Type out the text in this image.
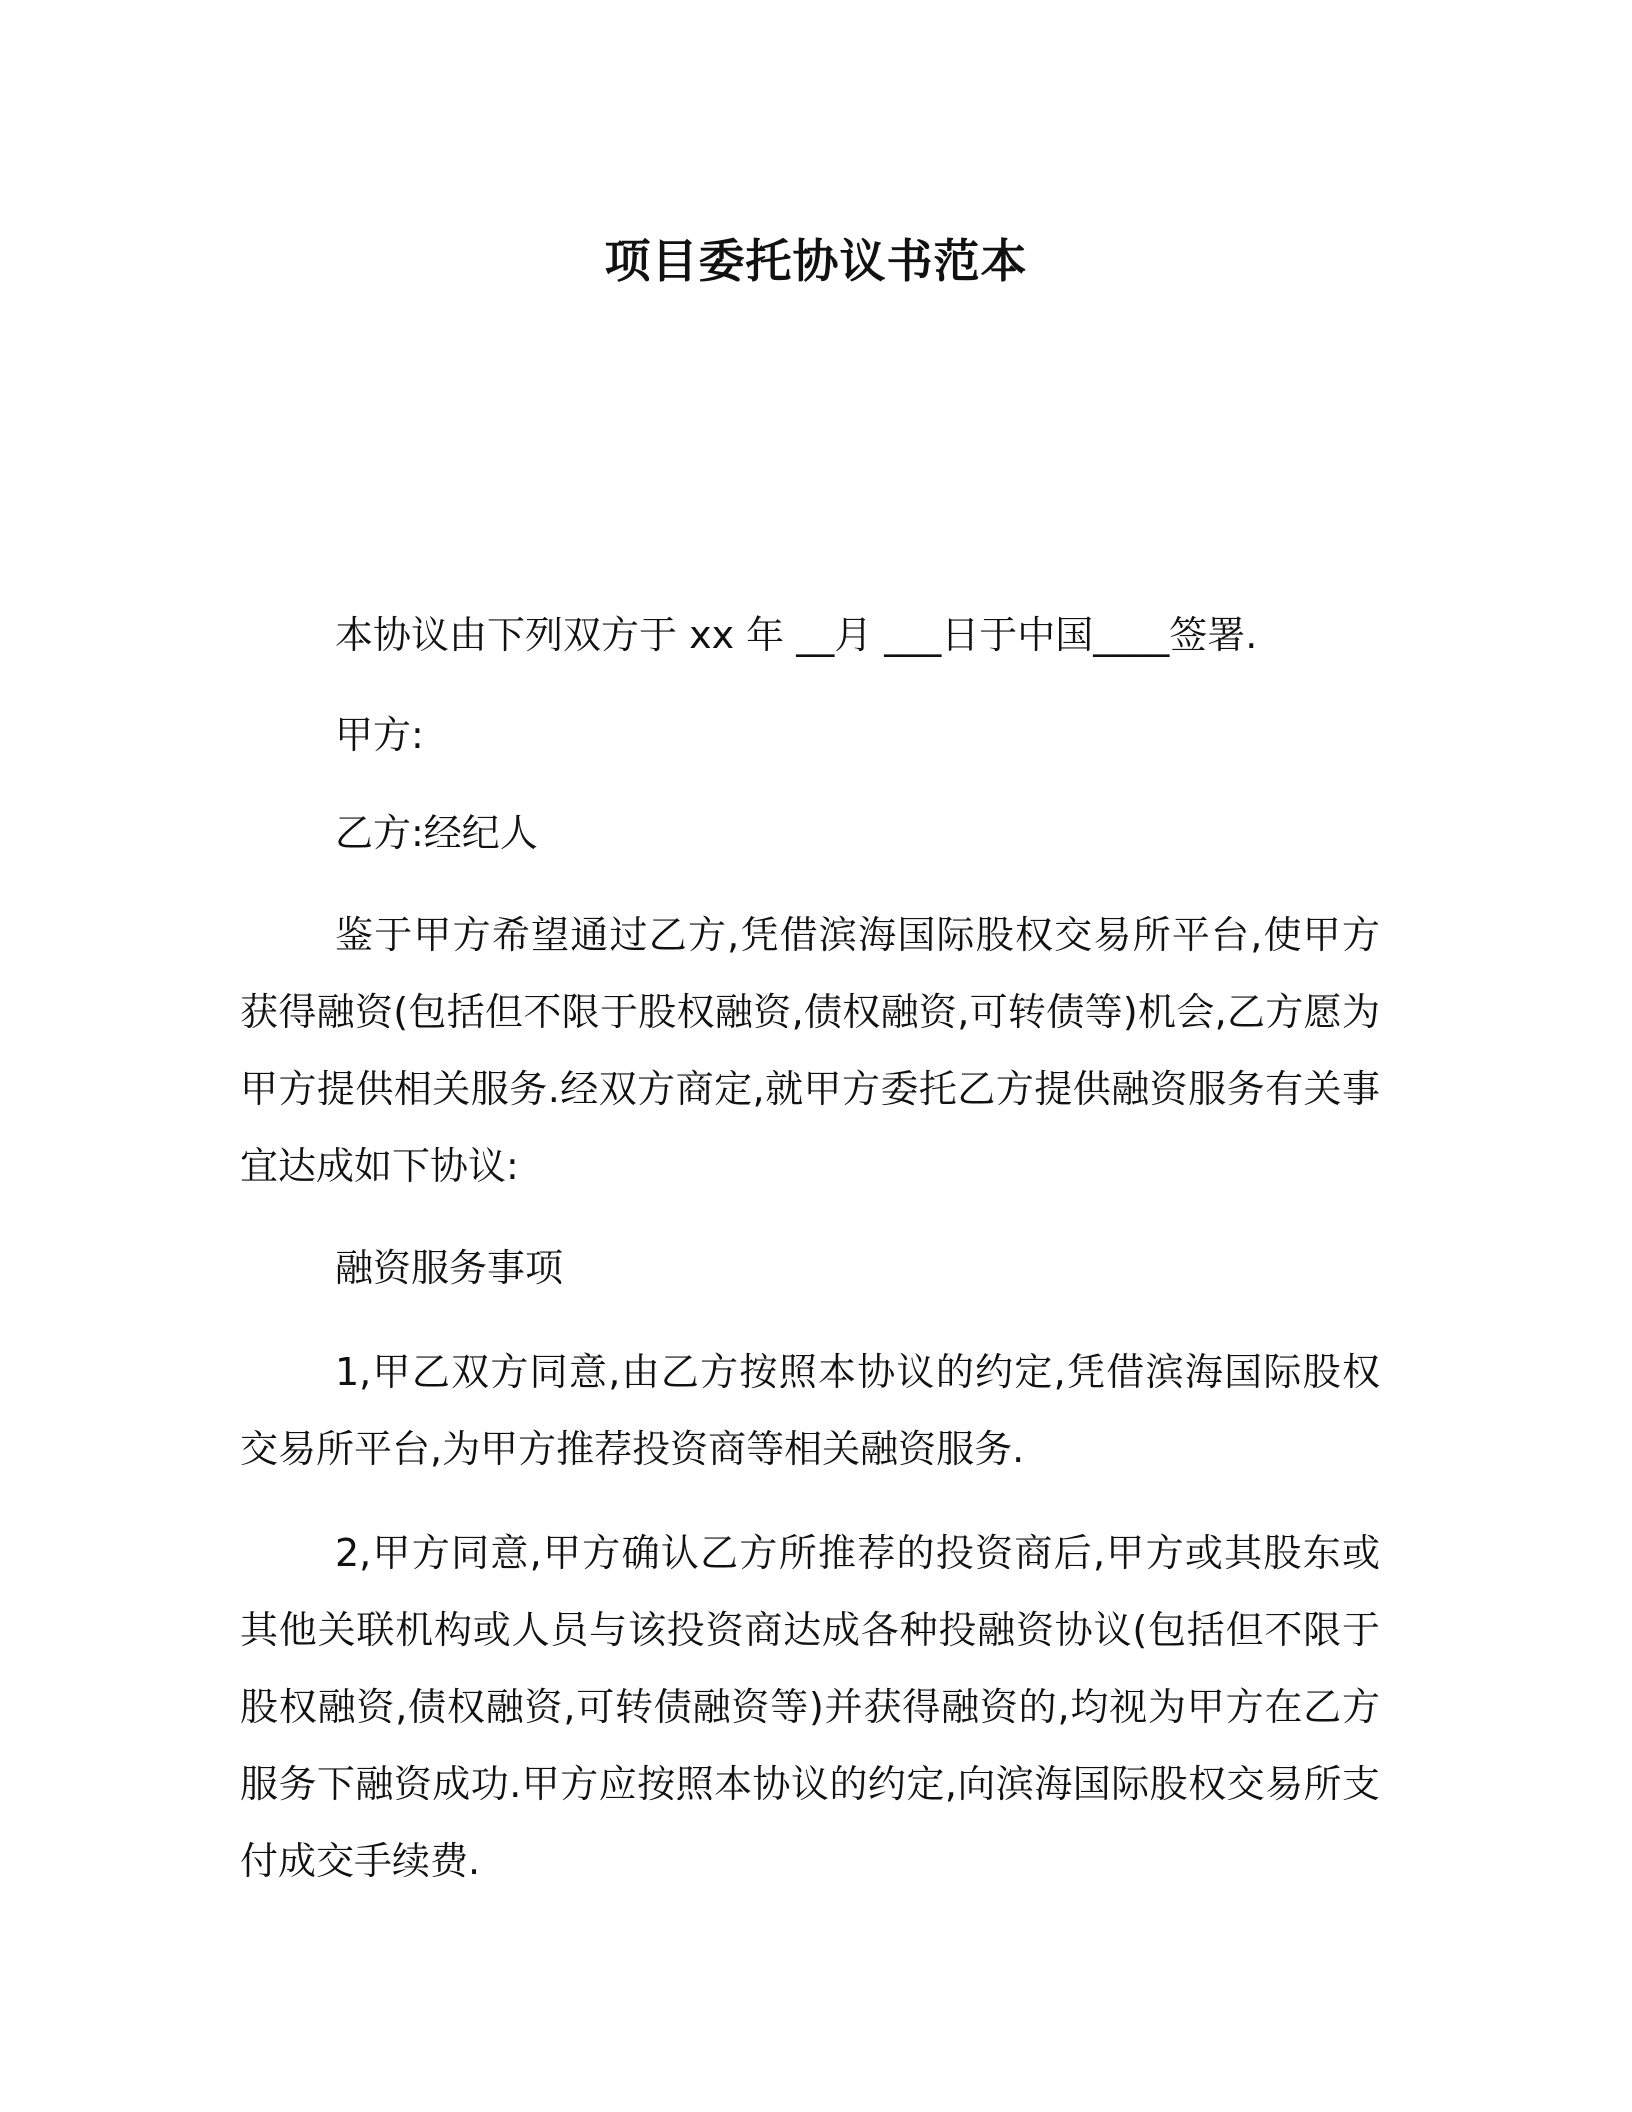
项目委托协议书范本

本协议由下列双方于 xx 年 __月 ___日于中国____签署.

甲方:

乙方:经纪人

鉴于甲方希望通过乙方,凭借滨海国际股权交易所平台,使甲方获得融资(包括但不限于股权融资,债权融资,可转债等)机会,乙方愿为甲方提供相关服务.经双方商定,就甲方委托乙方提供融资服务有关事宜达成如下协议:

融资服务事项

1,甲乙双方同意,由乙方按照本协议的约定,凭借滨海国际股权交易所平台,为甲方推荐投资商等相关融资服务.

2,甲方同意,甲方确认乙方所推荐的投资商后,甲方或其股东或其他关联机构或人员与该投资商达成各种投融资协议(包括但不限于股权融资,债权融资,可转债融资等)并获得融资的,均视为甲方在乙方服务下融资成功.甲方应按照本协议的约定,向滨海国际股权交易所支付成交手续费.
